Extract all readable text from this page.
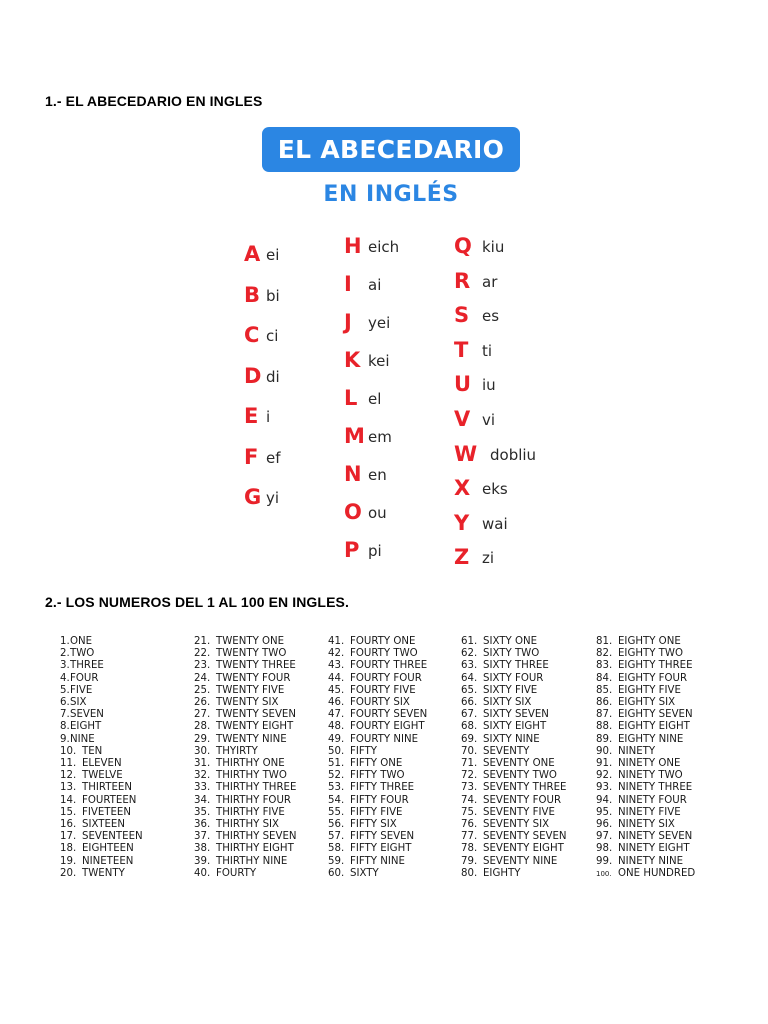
1.- EL ABECEDARIO EN INGLES
EL ABECEDARIO
EN INGLÉS
A ei
B bi
C ci
D di
E i
F ef
G yi
H eich
I ai
J yei
K kei
L el
M em
N en
O ou
P pi
Q kiu
R ar
S es
T ti
U iu
V vi
W dobliu
X eks
Y wai
Z zi
2.- LOS NUMEROS DEL 1 AL 100 EN INGLES.
1.ONE
2.TWO
3.THREE
4.FOUR
5.FIVE
6.SIX
7.SEVEN
8.EIGHT
9.NINE
10. TEN
11. ELEVEN
12. TWELVE
13. THIRTEEN
14. FOURTEEN
15. FIVETEEN
16. SIXTEEN
17. SEVENTEEN
18. EIGHTEEN
19. NINETEEN
20. TWENTY
21. TWENTY ONE
22. TWENTY TWO
23. TWENTY THREE
24. TWENTY FOUR
25. TWENTY FIVE
26. TWENTY SIX
27. TWENTY SEVEN
28. TWENTY EIGHT
29. TWENTY NINE
30. THYIRTY
31. THIRTHY ONE
32. THIRTHY TWO
33. THIRTHY THREE
34. THIRTHY FOUR
35. THIRTHY FIVE
36. THIRTHY SIX
37. THIRTHY SEVEN
38. THIRTHY EIGHT
39. THIRTHY NINE
40. FOURTY
41. FOURTY ONE
42. FOURTY TWO
43. FOURTY THREE
44. FOURTY FOUR
45. FOURTY FIVE
46. FOURTY SIX
47. FOURTY SEVEN
48. FOURTY EIGHT
49. FOURTY NINE
50. FIFTY
51. FIFTY ONE
52. FIFTY TWO
53. FIFTY THREE
54. FIFTY FOUR
55. FIFTY FIVE
56. FIFTY SIX
57. FIFTY SEVEN
58. FIFTY EIGHT
59. FIFTY NINE
60. SIXTY
61. SIXTY ONE
62. SIXTY TWO
63. SIXTY THREE
64. SIXTY FOUR
65. SIXTY FIVE
66. SIXTY SIX
67. SIXTY SEVEN
68. SIXTY EIGHT
69. SIXTY NINE
70. SEVENTY
71. SEVENTY ONE
72. SEVENTY TWO
73. SEVENTY THREE
74. SEVENTY FOUR
75. SEVENTY FIVE
76. SEVENTY SIX
77. SEVENTY SEVEN
78. SEVENTY EIGHT
79. SEVENTY NINE
80. EIGHTY
81. EIGHTY ONE
82. EIGHTY TWO
83. EIGHTY THREE
84. EIGHTY FOUR
85. EIGHTY FIVE
86. EIGHTY SIX
87. EIGHTY SEVEN
88. EIGHTY EIGHT
89. EIGHTY NINE
90. NINETY
91. NINETY ONE
92. NINETY TWO
93. NINETY THREE
94. NINETY FOUR
95. NINETY FIVE
96. NINETY SIX
97. NINETY SEVEN
98. NINETY EIGHT
99. NINETY NINE
100. ONE HUNDRED
